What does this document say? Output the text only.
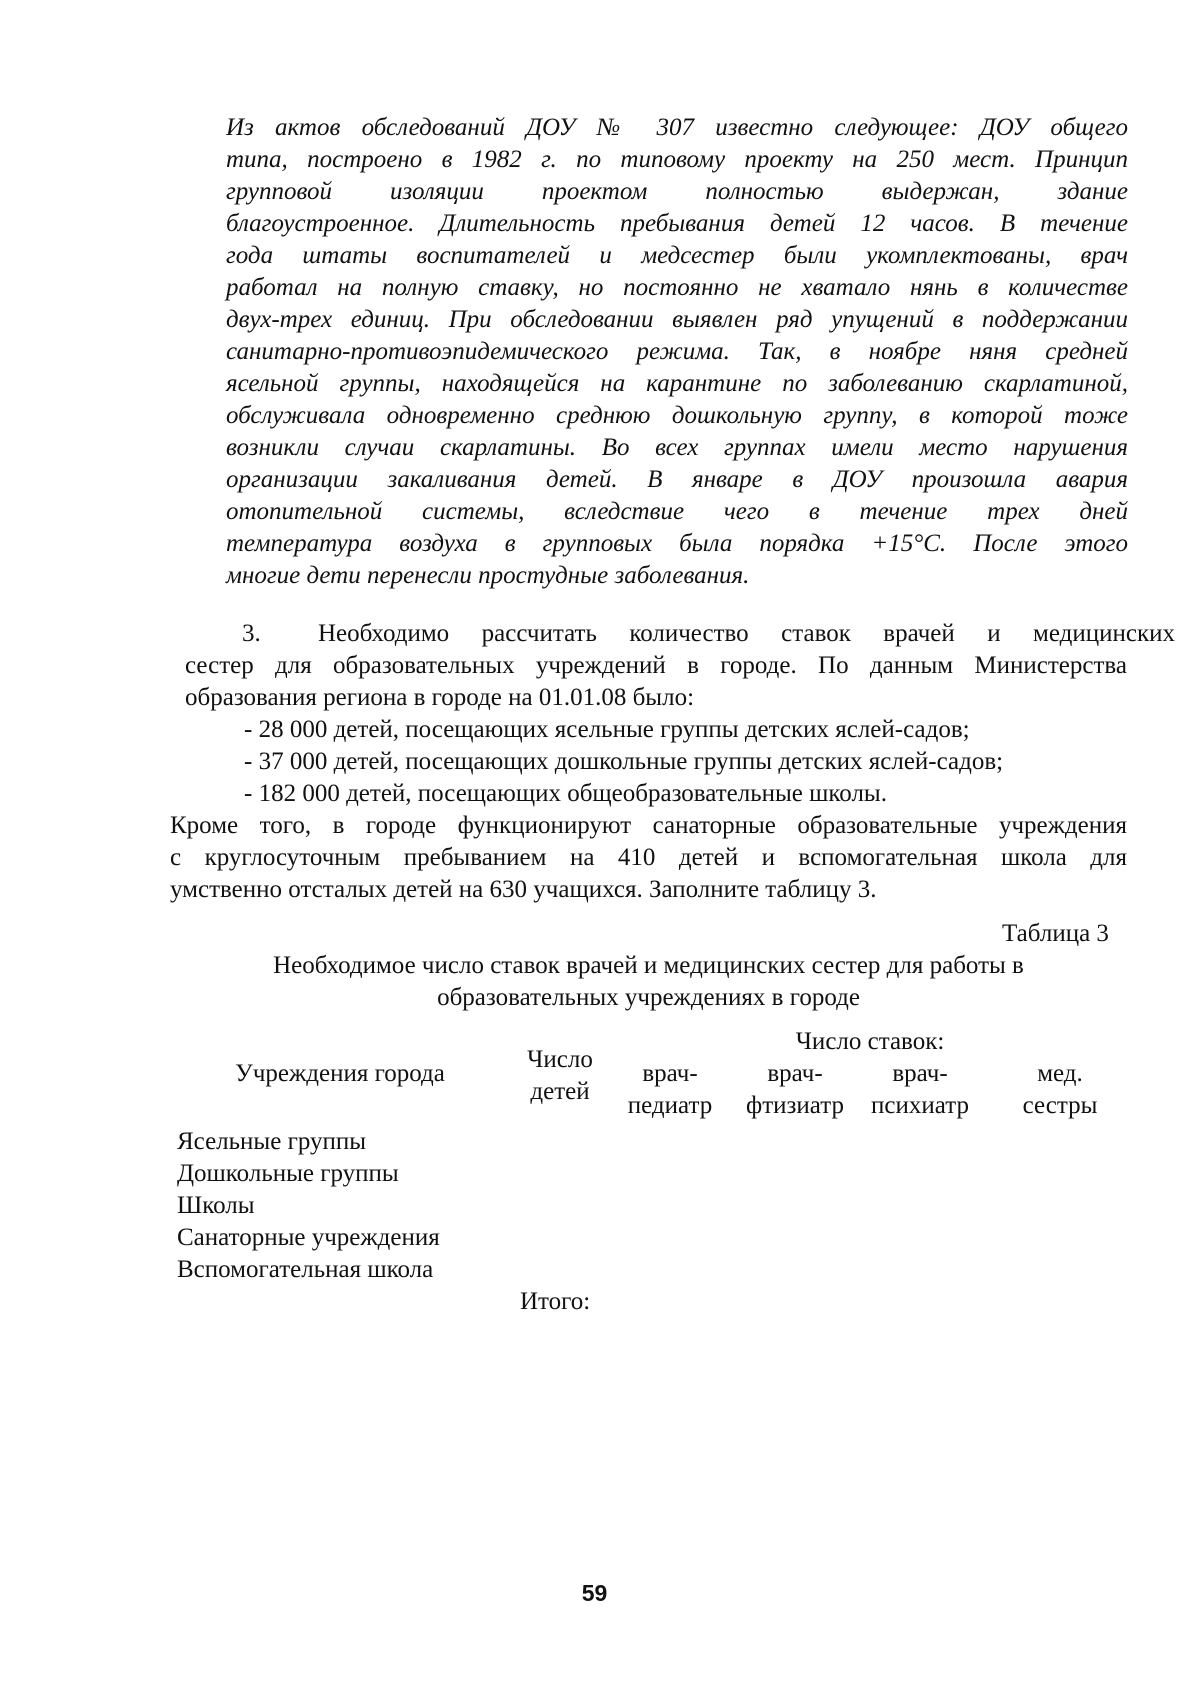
Из актов обследований ДОУ № 307 известно следующее: ДОУ общего
типа, построено в 1982 г. по типовому проекту на 250 мест. Принцип
групповой изоляции проектом полностью выдержан, здание
благоустроенное. Длительность пребывания детей 12 часов. В течение
года штаты воспитателей и медсестер были укомплектованы, врач
работал на полную ставку, но постоянно не хватало нянь в количестве
двух-трех единиц. При обследовании выявлен ряд упущений в поддержании
санитарно-противоэпидемического режима. Так, в ноябре няня средней
ясельной группы, находящейся на карантине по заболеванию скарлатиной,
обслуживала одновременно среднюю дошкольную группу, в которой тоже
возникли случаи скарлатины. Во всех группах имели место нарушения
организации закаливания детей. В январе в ДОУ произошла авария
отопительной системы, вследствие чего в течение трех дней
температура воздуха в групповых была порядка +15°С. После этого
многие дети перенесли простудные заболевания.
3. Необходимо рассчитать количество ставок врачей и медицинских
сестер для образовательных учреждений в городе. По данным Министерства
образования региона в городе на 01.01.08 было:
- 28 000 детей, посещающих ясельные группы детских яслей-садов;
- 37 000 детей, посещающих дошкольные группы детских яслей-садов;
- 182 000 детей, посещающих общеобразовательные школы.
Кроме того, в городе функционируют санаторные образовательные учреждения
с круглосуточным пребыванием на 410 детей и вспомогательная школа для
умственно отсталых детей на 630 учащихся. Заполните таблицу 3.
Таблица 3
Необходимое число ставок врачей и медицинских сестер для работы в
образовательных учреждениях в городе
Учреждения города
Число
детей
Число ставок:
врач-
педиатр
врач-
фтизиатр
врач-
психиатр
мед.
сестры
Ясельные группы
Дошкольные группы
Школы
Санаторные учреждения
Вспомогательная школа
Итого:
59
